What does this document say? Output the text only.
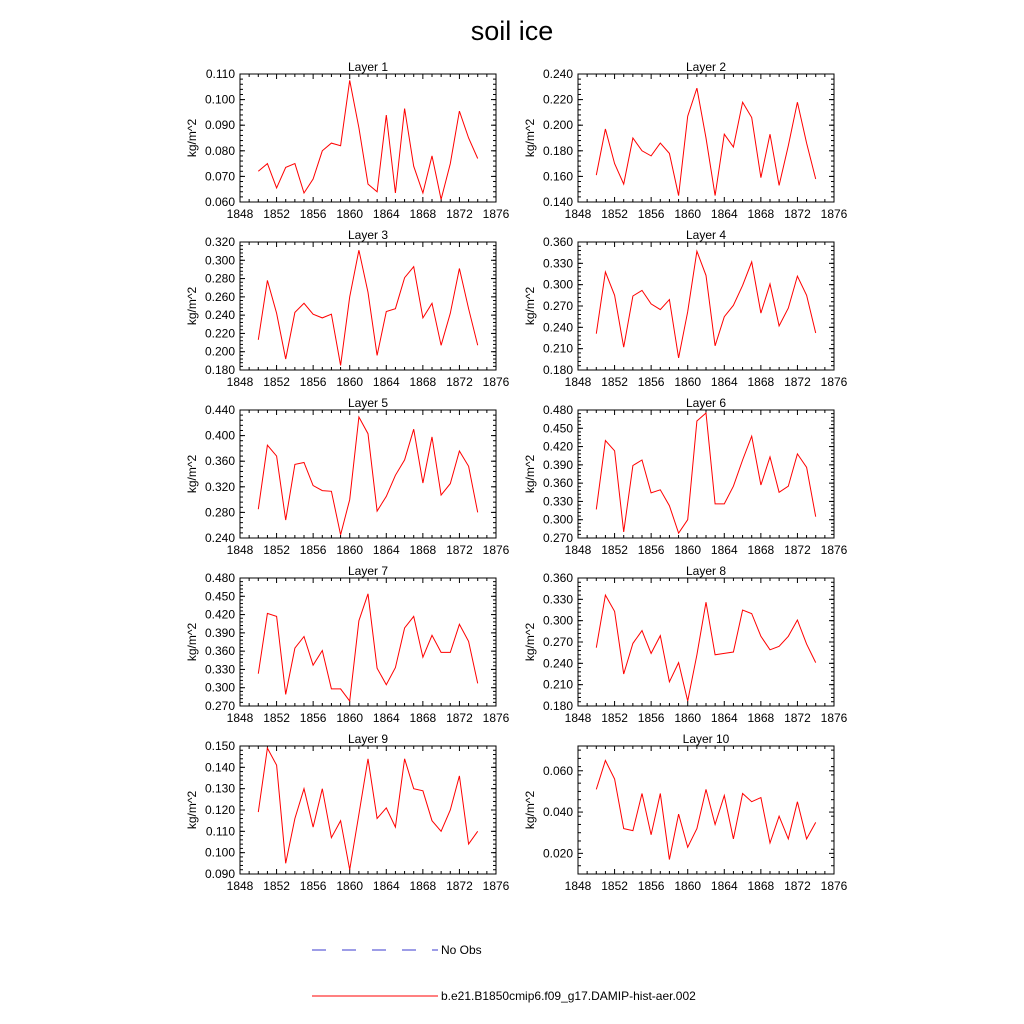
soil ice
No Obs
b.e21.B1850cmip6.f09_g17.DAMIP-hist-aer.002
Layer 1
kg/m^2
1848 1852 1856 1860 1864 1868 1872 1876
0.060
0.070
0.080
0.090
0.100
0.110	Layer 2
kg/m^2
1848 1852 1856 1860 1864 1868 1872 1876
0.140
0.160
0.180
0.200
0.220
0.240
Layer 3
kg/m^2
1848 1852 1856 1860 1864 1868 1872 1876
0.180
0.200
0.220
0.240
0.260
0.280
0.300
0.320	Layer 4
kg/m^2
1848 1852 1856 1860 1864 1868 1872 1876
0.180
0.210
0.240
0.270
0.300
0.330
0.360
Layer 5
kg/m^2
1848 1852 1856 1860 1864 1868 1872 1876
0.240
0.280
0.320
0.360
0.400
0.440	Layer 6
kg/m^2
1848 1852 1856 1860 1864 1868 1872 1876
0.270
0.300
0.330
0.360
0.390
0.420
0.450
0.480
Layer 7
kg/m^2
1848 1852 1856 1860 1864 1868 1872 1876
0.270
0.300
0.330
0.360
0.390
0.420
0.450
0.480	Layer 8
kg/m^2
1848 1852 1856 1860 1864 1868 1872 1876
0.180
0.210
0.240
0.270
0.300
0.330
0.360
Layer 9
kg/m^2
1848 1852 1856 1860 1864 1868 1872 1876
0.090
0.100
0.110
0.120
0.130
0.140
0.150	Layer 10
kg/m^2
1848 1852 1856 1860 1864 1868 1872 1876
0.020
0.040
0.060
